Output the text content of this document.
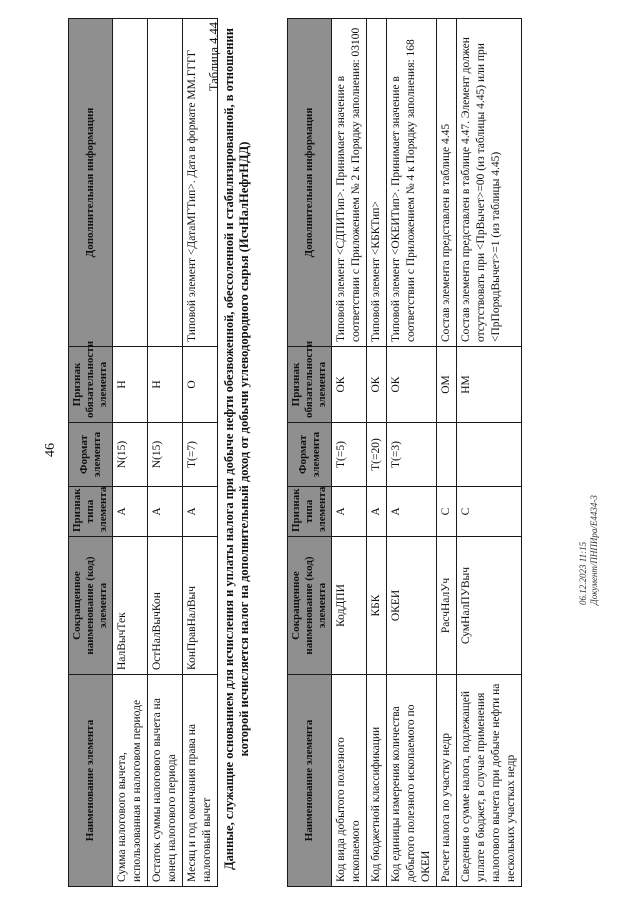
46
Наименование элемента	Сокращенное наименование (код) элемента	Признак типа элемента	Формат элемента	Признак обязательности элемента	Дополнительная информация
Сумма налогового вычета, использованная в налоговом периоде	НалВычТек	А	N(15)	Н	
Остаток суммы налогового вычета на конец налогового периода	ОстНалВычКон	А	N(15)	Н	
Месяц и год окончания права на налоговый вычет	КонПравНалВыч	А	T(=7)	О	Типовой элемент <ДатаМГТип>. Дата в формате ММ.ГГГГ Таблица 4.44 Данные, служащие основанием для исчисления и уплаты налога при добыче нефти обезвоженной, обессоленной и стабилизированной, в отношении которой исчисляется налог на дополнительный доход от добычи углеводородного сырья (ИсчНалНефтНДД)
Наименование элемента	Сокращенное наименование (код) элемента	Признак типа элемента	Формат элемента	Признак обязательности элемента	Дополнительная информация
Код вида добытого полезного ископаемого	КодДПИ	А	T(=5)	ОК	Типовой элемент <СДПИТип>. Принимает значение в соответствии с Приложением № 2 к Порядку заполнения: 03100
Код бюджетной классификации	КБК	А	T(=20)	ОК	Типовой элемент <КБКТип>
Код единицы измерения количества добытого полезного ископаемого по ОКЕИ	ОКЕИ	А	T(=3)	ОК	Типовой элемент <ОКЕИТип>. Принимает значение в соответствии с Приложением № 4 к Порядку заполнения: 168
Расчет налога по участку недр	РасчНалУч	С		ОМ	Состав элемента представлен в таблице 4.45
Сведения о сумме налога, подлежащей уплате в бюджет, в случае применения налогового вычета при добыче нефти на нескольких участках недр	СумНалПУВыч	С		НМ	Состав элемента представлен в таблице 4.47. Элемент должен отсутствовать при <ПрВычет>=00 (из таблицы 4.45) или при <ПрПорядВычет>=1 (из таблицы 4.45)
06.12.2023 11:15 Документ/ПНПИра/Е4434-3
